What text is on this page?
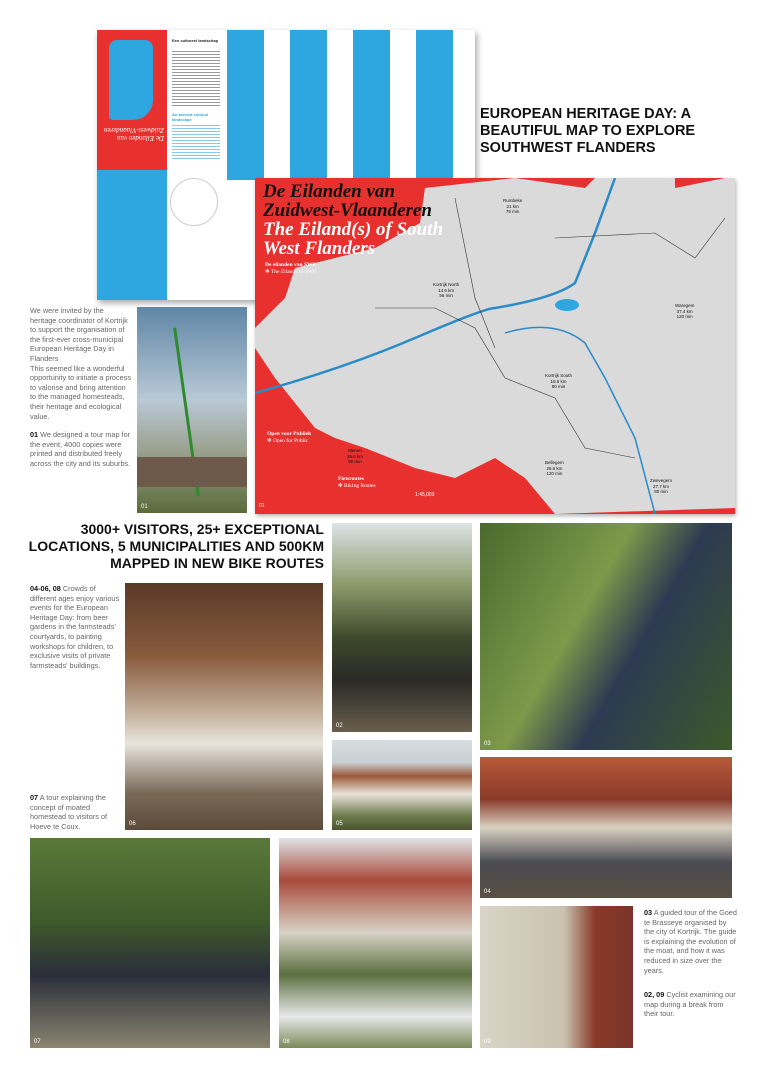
De Eilanden van Zuidwest-Vlaanderen
Een cultureel landschap
An ancient cultural landscape	EUROPEAN HERITAGE DAY: A BEAUTIFUL MAP TO EXPLORE SOUTHWEST FLANDERS
De Eilanden van
Zuidwest-Vlaanderen
The Eiland(s) of South
West Flanders
De eilanden van SWF
✻ The Eilands of SWF
Open voor Publiek
✻ Open for Public
Fietsroutes
✻ Biking Routes
1:45,000
01
Rumbeke
21 km
75 min
Kortrijk North
14.6 km
56 min
Waregem
37.4 km
120 min
Kortrijk South
18.6 km
80 min
Menen
25.6 km
90 min	Bellegem
29.6 km
120 min
Zwevegem
27.7 km
80 min
We were invited by the heritage coordinator of Kortrijk to support the organisation of the first-ever cross-municipal European Heritage Day in Flanders
This seemed like a wonderful opportunity to initiate a process to valorise and bring attention to the managed homesteads, their heritage and ecological value.
01 We designed a tour map for the event, 4000 copies were printed and distributed freely across the city and its suburbs.
01
3000+ VISITORS, 25+ EXCEPTIONAL LOCATIONS, 5 MUNICIPALITIES AND 500KM MAPPED IN NEW BIKE ROUTES
04-06, 08 Crowds of different ages enjoy various events for the European Heritage Day: from beer gardens in the farmsteads' courtyards, to painting workshops for children, to exclusive visits of private farmsteads' buildings.
07 A tour explaining the concept of moated homestead to visitors of Hoeve te Coux.
03 A guided tour of the Goed te Brasseye organised by the city of Kortrijk. The guide is explaining the evolution of the moat, and how it was reduced in size over the years.
02, 09 Cyclist examining our map during a break from their tour.
06
02
03
05
04
07	08	09
